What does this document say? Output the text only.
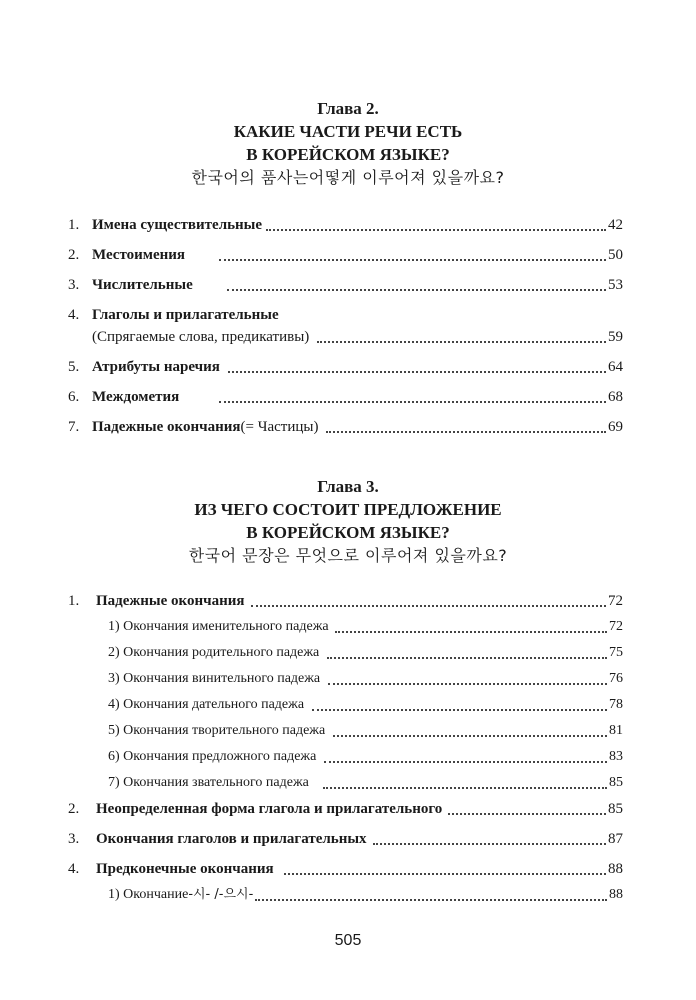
Глава 2.
КАКИЕ ЧАСТИ РЕЧИ ЕСТЬ
В КОРЕЙСКОМ ЯЗЫКЕ?
한국어의 품사는어떻게 이루어져 있을까요?
1. Имена существительные	42
2. Местоимения	50
3. Числительные	53
4. Глаголы и прилагательные
(Спрягаемые слова, предикативы)	59
5. Атрибуты наречия	64
6. Междометия	68
7. Падежные окончания (= Частицы)	69
Глава 3.
ИЗ ЧЕГО СОСТОИТ ПРЕДЛОЖЕНИЕ
В КОРЕЙСКОМ ЯЗЫКЕ?
한국어 문장은 무엇으로 이루어져 있을까요?
1.	Падежные окончания	72
1) Окончания именительного падежа	72
2) Окончания родительного падежа	75
3) Окончания винительного падежа	76
4) Окончания дательного падежа	78
5) Окончания творительного падежа	81
6) Окончания предложного падежа	83
7) Окончания звательного падежа	85
2.	Неопределенная форма глагола и прилагательного	85
3.	Окончания глаголов и прилагательных	87
4.	Предконечные окончания	88
1) Окончание -시- /-으시-	88
505
